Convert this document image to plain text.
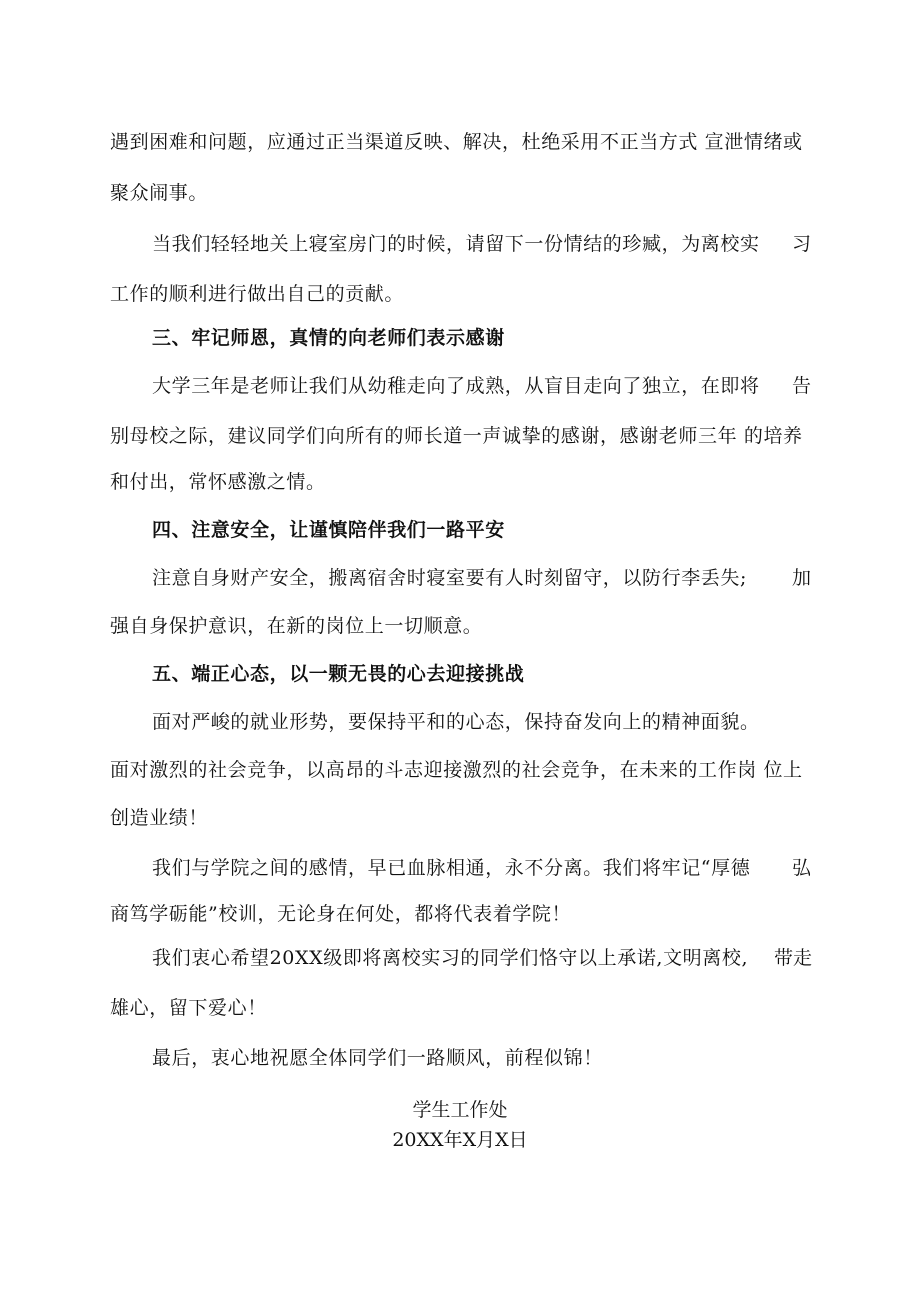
遇到困难和问题，应通过正当渠道反映、解决，杜绝采用不正当方式 宣泄情绪或
聚众闹事。
当我们轻轻地关上寝室房门的时候，请留下一份情结的珍臧，为离校实 习
工作的顺利进行做出自己的贡献。
三、牢记师恩，真情的向老师们表示感谢
大学三年是老师让我们从幼稚走向了成熟，从盲目走向了独立，在即将 告
别母校之际，建议同学们向所有的师长道一声诚挚的感谢，感谢老师三年 的培养
和付出，常怀感激之情。
四、注意安全，让谨慎陪伴我们一路平安
注意自身财产安全，搬离宿舍时寝室要有人时刻留守，以防行李丢失; 加
强自身保护意识，在新的岗位上一切顺意。
五、端正心态，以一颗无畏的心去迎接挑战
面对严峻的就业形势，要保持平和的心态，保持奋发向上的精神面貌。
面对激烈的社会竞争，以高昂的斗志迎接激烈的社会竞争，在未来的工作岗 位上
创造业绩！
我们与学院之间的感情，早已血脉相通，永不分离。我们将牢记“厚德 弘
商笃学砺能”校训，无论身在何处，都将代表着学院！
我们衷心希望20XX级即将离校实习的同学们恪守以上承诺,文明离校, 带走
雄心，留下爱心！
最后，衷心地祝愿全体同学们一路顺风，前程似锦！
学生工作处
20XX年X月X日
